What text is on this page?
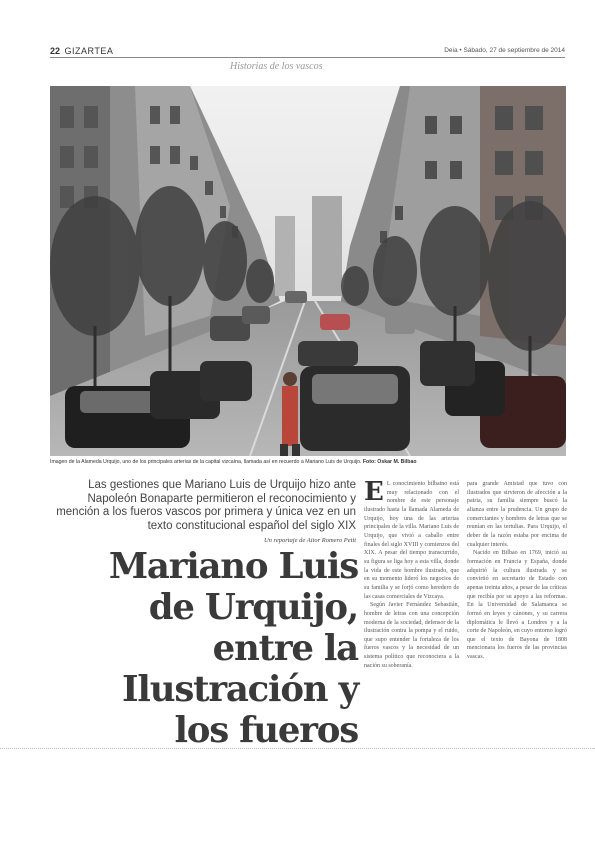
22 GIZARTEA	Deia • Sábado, 27 de septiembre de 2014
Historias de los vascos
Imagen de la Alameda Urquijo, uno de los principales arterias de la capital vizcaína, llamada así en recuerdo a Mariano Luis de Urquijo. Foto: Oskar M. Bilbao
Las gestiones que Mariano Luis de Urquijo hizo ante Napoleón Bonaparte permitieron el reconocimiento y mención a los fueros vascos por primera y única vez en un texto constitucional español del siglo XIX
Un reportaje de Aitor Romero Petit
Mariano Luis de Urquijo, entre la Ilustración y los fueros
E L conocimiento bilbaino está muy relacionado con el nombre de este personaje ilustrado hasta la llamada Alameda de Urquijo, hoy una de las arterias principales de la villa. Mariano Luis de Urquijo, que vivió a caballo entre finales del siglo XVIII y comienzos del XIX. A pesar del tiempo transcurrido, su figura se liga hoy a esta villa, donde la vida de este hombre ilustrado, que en su momento lideró los negocios de su familia y se forjó como heredero de las casas comerciales de Vizcaya.

Según Javier Fernández Sebastián, hombre de letras con una concepción moderna de la sociedad, defensor de la ilustración contra la pompa y el ruido, que supo entender la fortaleza de los fueros vascos y la necesidad de un sistema político que reconociera a la nación su soberanía.

para grande Amistad que tuvo con ilustrados que sirvieron de afección a la patria, su familia siempre buscó la alianza entre la prudencia. Un grupo de comerciantes y hombres de letras que se reunían en las tertulias. Para Urquijo, el deber de la razón estaba por encima de cualquier interés.

Nacido en Bilbao en 1769, inició su formación en Francia y España, donde adquirió la cultura ilustrada y se convirtió en secretario de Estado con apenas treinta años, a pesar de las críticas que recibía por su apoyo a las reformas. En la Universidad de Salamanca se formó en leyes y cánones, y su carrera diplomática le llevó a Londres y a la corte de Napoleón, en cuyo entorno logró que el texto de Bayona de 1808 mencionara los fueros de las provincias vascas.
